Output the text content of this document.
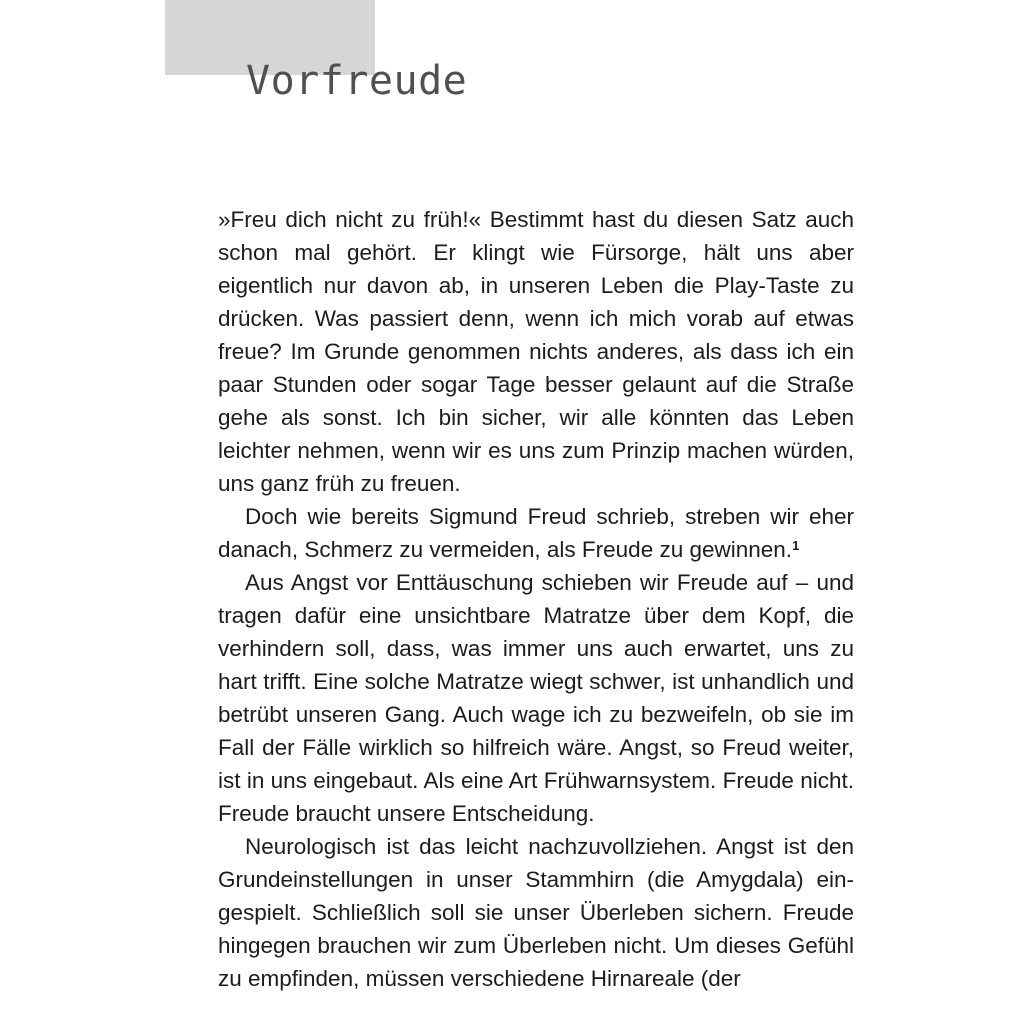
Vorfreude

»Freu dich nicht zu früh!« Bestimmt hast du diesen Satz auch schon mal gehört. Er klingt wie Fürsorge, hält uns aber eigentlich nur davon ab, in unseren Leben die Play-Taste zu drücken. Was passiert denn, wenn ich mich vorab auf etwas freue? Im Grunde genommen nichts anderes, als dass ich ein paar Stunden oder sogar Tage besser gelaunt auf die Straße gehe als sonst. Ich bin sicher, wir alle könnten das Leben leichter nehmen, wenn wir es uns zum Prinzip machen würden, uns ganz früh zu freuen.

Doch wie bereits Sigmund Freud schrieb, streben wir eher danach, Schmerz zu vermeiden, als Freude zu gewinnen.$^1$

Aus Angst vor Enttäuschung schieben wir Freude auf – und tragen dafür eine unsichtbare Matratze über dem Kopf, die verhindern soll, dass, was immer uns auch erwartet, uns zu hart trifft. Eine solche Matratze wiegt schwer, ist unhandlich und betrübt unseren Gang. Auch wage ich zu bezweifeln, ob sie im Fall der Fälle wirklich so hilfreich wäre. Angst, so Freud weiter, ist in uns eingebaut. Als eine Art Frühwarnsystem. Freude nicht. Freude braucht unsere Entscheidung.

Neurologisch ist das leicht nachzuvollziehen. Angst ist den Grundeinstellungen in unser Stammhirn (die Amygdala) eingespielt. Schließlich soll sie unser Überleben sichern. Freude hingegen brauchen wir zum Überleben nicht. Um dieses Gefühl zu empfinden, müssen verschiedene Hirnareale (der
